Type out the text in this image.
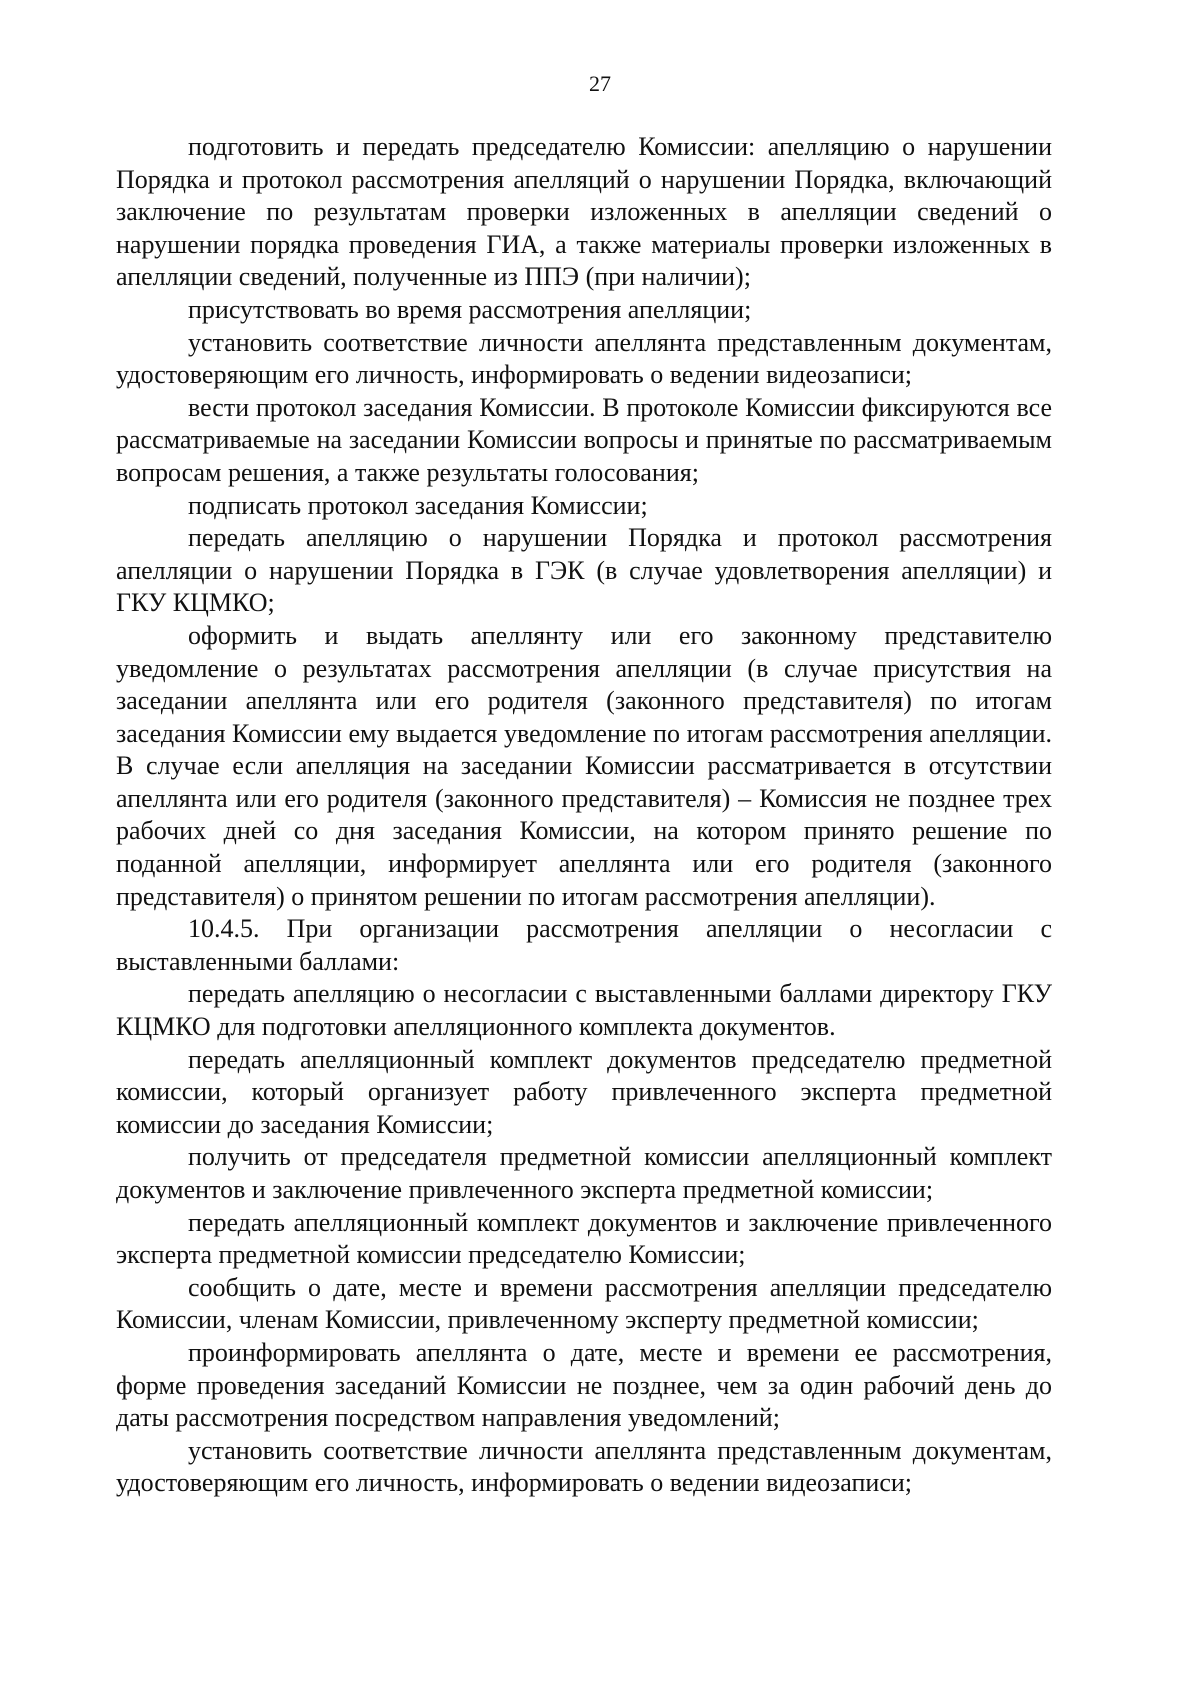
27

подготовить и передать председателю Комиссии: апелляцию о нарушении Порядка и протокол рассмотрения апелляций о нарушении Порядка, включающий заключение по результатам проверки изложенных в апелляции сведений о нарушении порядка проведения ГИА, а также материалы проверки изложенных в апелляции сведений, полученные из ППЭ (при наличии);

присутствовать во время рассмотрения апелляции;

установить соответствие личности апеллянта представленным документам, удостоверяющим его личность, информировать о ведении видеозаписи;

вести протокол заседания Комиссии. В протоколе Комиссии фиксируются все рассматриваемые на заседании Комиссии вопросы и принятые по рассматриваемым вопросам решения, а также результаты голосования;

подписать протокол заседания Комиссии;

передать апелляцию о нарушении Порядка и протокол рассмотрения апелляции о нарушении Порядка в ГЭК (в случае удовлетворения апелляции) и ГКУ КЦМКО;

оформить и выдать апеллянту или его законному представителю уведомление о результатах рассмотрения апелляции (в случае присутствия на заседании апеллянта или его родителя (законного представителя) по итогам заседания Комиссии ему выдается уведомление по итогам рассмотрения апелляции. В случае если апелляция на заседании Комиссии рассматривается в отсутствии апеллянта или его родителя (законного представителя) – Комиссия не позднее трех рабочих дней со дня заседания Комиссии, на котором принято решение по поданной апелляции, информирует апеллянта или его родителя (законного представителя) о принятом решении по итогам рассмотрения апелляции).

10.4.5. При организации рассмотрения апелляции о несогласии с выставленными баллами:

передать апелляцию о несогласии с выставленными баллами директору ГКУ КЦМКО для подготовки апелляционного комплекта документов.

передать апелляционный комплект документов председателю предметной комиссии, который организует работу привлеченного эксперта предметной комиссии до заседания Комиссии;

получить от председателя предметной комиссии апелляционный комплект документов и заключение привлеченного эксперта предметной комиссии;

передать апелляционный комплект документов и заключение привлеченного эксперта предметной комиссии председателю Комиссии;

сообщить о дате, месте и времени рассмотрения апелляции председателю Комиссии, членам Комиссии, привлеченному эксперту предметной комиссии;

проинформировать апеллянта о дате, месте и времени ее рассмотрения, форме проведения заседаний Комиссии не позднее, чем за один рабочий день до даты рассмотрения посредством направления уведомлений;

установить соответствие личности апеллянта представленным документам, удостоверяющим его личность, информировать о ведении видеозаписи;
